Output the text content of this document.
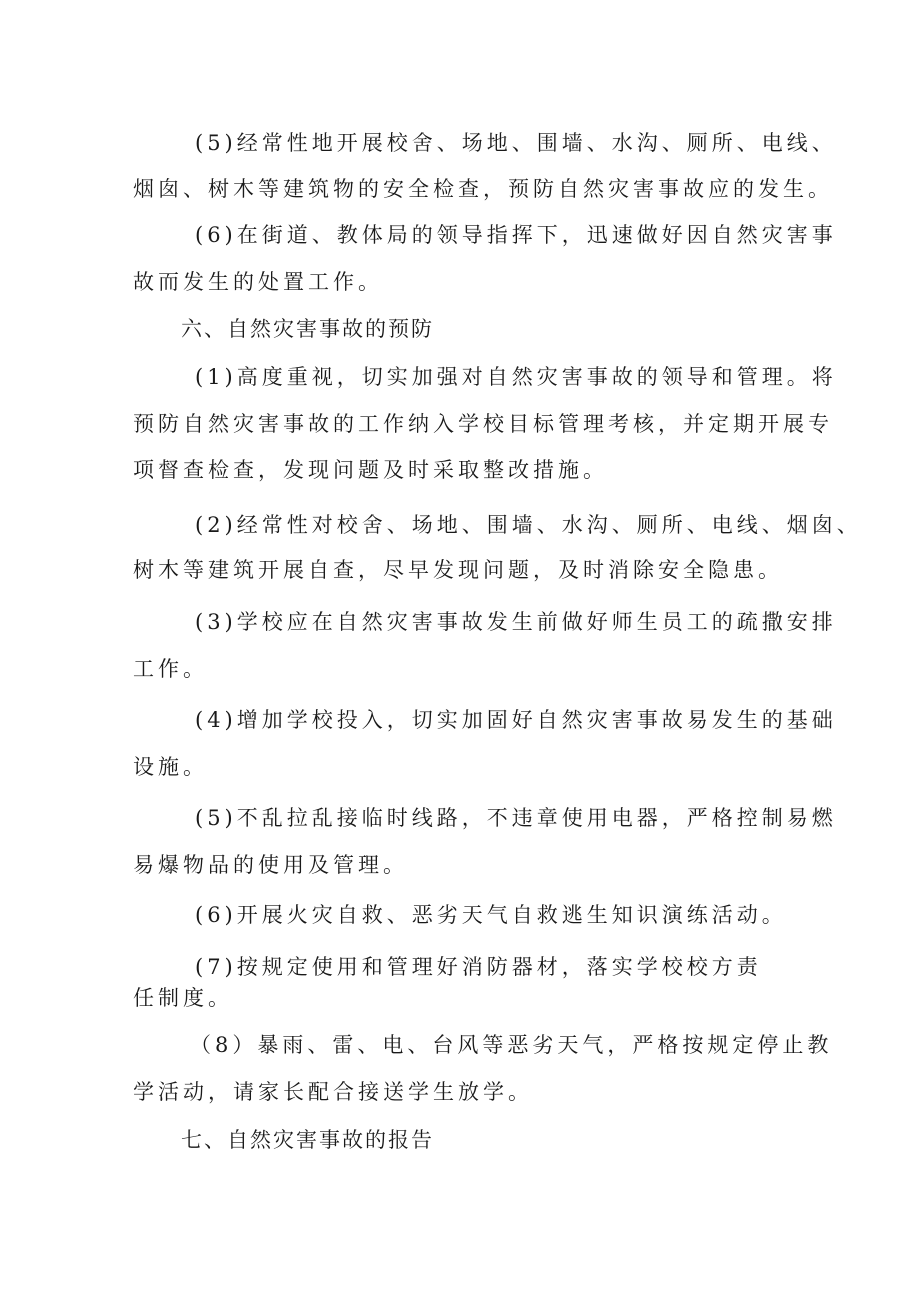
(5)经常性地开展校舍、场地、围墙、水沟、厕所、电线、
烟囱、树木等建筑物的安全检查，预防自然灾害事故应的发生。
(6)在街道、教体局的领导指挥下，迅速做好因自然灾害事
故而发生的处置工作。
六、自然灾害事故的预防
(1)高度重视，切实加强对自然灾害事故的领导和管理。将
预防自然灾害事故的工作纳入学校目标管理考核，并定期开展专
项督查检查，发现问题及时采取整改措施。
(2)经常性对校舍、场地、围墙、水沟、厕所、电线、烟囱、
树木等建筑开展自查，尽早发现问题，及时消除安全隐患。
(3)学校应在自然灾害事故发生前做好师生员工的疏撒安排
工作。
(4)增加学校投入，切实加固好自然灾害事故易发生的基础
设施。
(5)不乱拉乱接临时线路，不违章使用电器，严格控制易燃
易爆物品的使用及管理。
(6)开展火灾自救、恶劣天气自救逃生知识演练活动。
(7)按规定使用和管理好消防器材，落实学校校方责
任制度。
（8）暴雨、雷、电、台风等恶劣天气，严格按规定停止教
学活动，请家长配合接送学生放学。
七、自然灾害事故的报告
